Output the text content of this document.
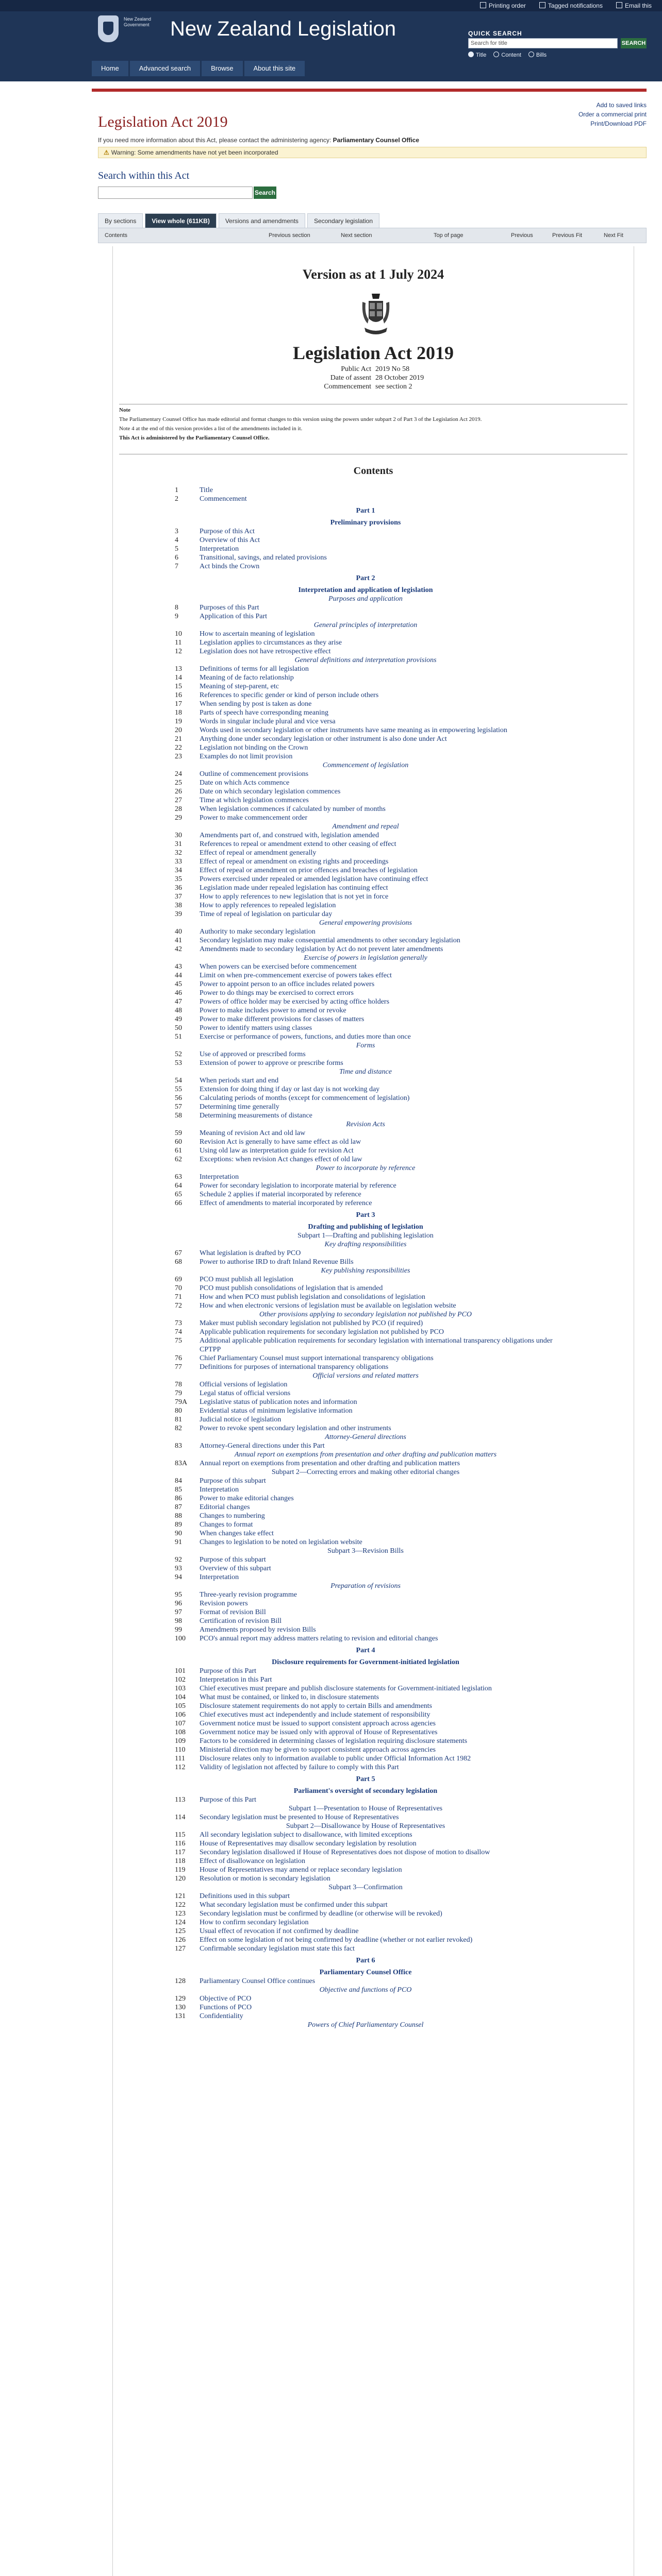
Printing order	Tagged notifications	Email this
New Zealand Government	New Zealand Legislation
Home	Advanced search	Browse	About this site
QUICK SEARCH
Search for title	SEARCH
Title	Content	Bills
Add to saved links
Order a commercial print
Print/Download PDF
Legislation Act 2019
If you need more information about this Act, please contact the administering agency: Parliamentary Counsel Office
⚠ Warning: Some amendments have not yet been incorporated
Search within this Act
Search
By sections	View whole (611KB)	Versions and amendments	Secondary legislation
Contents	Previous section	Next section	Top of page	Previous	Previous Fit	Next Fit
Version as at 1 July 2024
Legislation Act 2019
Public Act 2019 No 58
Date of assent 28 October 2019
Commencement see section 2

Note

The Parliamentary Counsel Office has made editorial and format changes to this version using the powers under subpart 2 of Part 3 of the Legislation Act 2019.

Note 4 at the end of this version provides a list of the amendments included in it.

This Act is administered by the Parliamentary Counsel Office.

Contents
1	Title
2	Commencement
Part 1
Preliminary provisions
3	Purpose of this Act
4	Overview of this Act
5	Interpretation
6	Transitional, savings, and related provisions
7	Act binds the Crown
Part 2
Interpretation and application of legislation
Purposes and application
8	Purposes of this Part
9	Application of this Part
General principles of interpretation
10	How to ascertain meaning of legislation
11	Legislation applies to circumstances as they arise
12	Legislation does not have retrospective effect
General definitions and interpretation provisions
13	Definitions of terms for all legislation
14	Meaning of de facto relationship
15	Meaning of step-parent, etc
16	References to specific gender or kind of person include others
17	When sending by post is taken as done
18	Parts of speech have corresponding meaning
19	Words in singular include plural and vice versa
20	Words used in secondary legislation or other instruments have same meaning as in empowering legislation
21	Anything done under secondary legislation or other instrument is also done under Act
22	Legislation not binding on the Crown
23	Examples do not limit provision
Commencement of legislation
24	Outline of commencement provisions
25	Date on which Acts commence
26	Date on which secondary legislation commences
27	Time at which legislation commences
28	When legislation commences if calculated by number of months
29	Power to make commencement order
Amendment and repeal
30	Amendments part of, and construed with, legislation amended
31	References to repeal or amendment extend to other ceasing of effect
32	Effect of repeal or amendment generally
33	Effect of repeal or amendment on existing rights and proceedings
34	Effect of repeal or amendment on prior offences and breaches of legislation
35	Powers exercised under repealed or amended legislation have continuing effect
36	Legislation made under repealed legislation has continuing effect
37	How to apply references to new legislation that is not yet in force
38	How to apply references to repealed legislation
39	Time of repeal of legislation on particular day
General empowering provisions
40	Authority to make secondary legislation
41	Secondary legislation may make consequential amendments to other secondary legislation
42	Amendments made to secondary legislation by Act do not prevent later amendments
Exercise of powers in legislation generally
43	When powers can be exercised before commencement
44	Limit on when pre-commencement exercise of powers takes effect
45	Power to appoint person to an office includes related powers
46	Power to do things may be exercised to correct errors
47	Powers of office holder may be exercised by acting office holders
48	Power to make includes power to amend or revoke
49	Power to make different provisions for classes of matters
50	Power to identify matters using classes
51	Exercise or performance of powers, functions, and duties more than once
Forms
52	Use of approved or prescribed forms
53	Extension of power to approve or prescribe forms
Time and distance
54	When periods start and end
55	Extension for doing thing if day or last day is not working day
56	Calculating periods of months (except for commencement of legislation)
57	Determining time generally
58	Determining measurements of distance
Revision Acts
59	Meaning of revision Act and old law
60	Revision Act is generally to have same effect as old law
61	Using old law as interpretation guide for revision Act
62	Exceptions: when revision Act changes effect of old law
Power to incorporate by reference
63	Interpretation
64	Power for secondary legislation to incorporate material by reference
65	Schedule 2 applies if material incorporated by reference
66	Effect of amendments to material incorporated by reference
Part 3
Drafting and publishing of legislation
Subpart 1—Drafting and publishing legislation
Key drafting responsibilities
67	What legislation is drafted by PCO
68	Power to authorise IRD to draft Inland Revenue Bills
Key publishing responsibilities
69	PCO must publish all legislation
70	PCO must publish consolidations of legislation that is amended
71	How and when PCO must publish legislation and consolidations of legislation
72	How and when electronic versions of legislation must be available on legislation website
Other provisions applying to secondary legislation not published by PCO
73	Maker must publish secondary legislation not published by PCO (if required)
74	Applicable publication requirements for secondary legislation not published by PCO
75	Additional applicable publication requirements for secondary legislation with international transparency obligations under CPTPP
76	Chief Parliamentary Counsel must support international transparency obligations
77	Definitions for purposes of international transparency obligations
Official versions and related matters
78	Official versions of legislation
79	Legal status of official versions
79A	Legislative status of publication notes and information
80	Evidential status of minimum legislative information
81	Judicial notice of legislation
82	Power to revoke spent secondary legislation and other instruments
Attorney-General directions
83	Attorney-General directions under this Part
Annual report on exemptions from presentation and other drafting and publication matters
83A	Annual report on exemptions from presentation and other drafting and publication matters
Subpart 2—Correcting errors and making other editorial changes
84	Purpose of this subpart
85	Interpretation
86	Power to make editorial changes
87	Editorial changes
88	Changes to numbering
89	Changes to format
90	When changes take effect
91	Changes to legislation to be noted on legislation website
Subpart 3—Revision Bills
92	Purpose of this subpart
93	Overview of this subpart
94	Interpretation
Preparation of revisions
95	Three-yearly revision programme
96	Revision powers
97	Format of revision Bill
98	Certification of revision Bill
99	Amendments proposed by revision Bills
100	PCO's annual report may address matters relating to revision and editorial changes
Part 4
Disclosure requirements for Government-initiated legislation
101	Purpose of this Part
102	Interpretation in this Part
103	Chief executives must prepare and publish disclosure statements for Government-initiated legislation
104	What must be contained, or linked to, in disclosure statements
105	Disclosure statement requirements do not apply to certain Bills and amendments
106	Chief executives must act independently and include statement of responsibility
107	Government notice must be issued to support consistent approach across agencies
108	Government notice may be issued only with approval of House of Representatives
109	Factors to be considered in determining classes of legislation requiring disclosure statements
110	Ministerial direction may be given to support consistent approach across agencies
111	Disclosure relates only to information available to public under Official Information Act 1982
112	Validity of legislation not affected by failure to comply with this Part
Part 5
Parliament's oversight of secondary legislation
113	Purpose of this Part
Subpart 1—Presentation to House of Representatives
114	Secondary legislation must be presented to House of Representatives
Subpart 2—Disallowance by House of Representatives
115	All secondary legislation subject to disallowance, with limited exceptions
116	House of Representatives may disallow secondary legislation by resolution
117	Secondary legislation disallowed if House of Representatives does not dispose of motion to disallow
118	Effect of disallowance on legislation
119	House of Representatives may amend or replace secondary legislation
120	Resolution or motion is secondary legislation
Subpart 3—Confirmation
121	Definitions used in this subpart
122	What secondary legislation must be confirmed under this subpart
123	Secondary legislation must be confirmed by deadline (or otherwise will be revoked)
124	How to confirm secondary legislation
125	Usual effect of revocation if not confirmed by deadline
126	Effect on some legislation of not being confirmed by deadline (whether or not earlier revoked)
127	Confirmable secondary legislation must state this fact
Part 6
Parliamentary Counsel Office
128	Parliamentary Counsel Office continues
Objective and functions of PCO
129	Objective of PCO
130	Functions of PCO
131	Confidentiality
Powers of Chief Parliamentary Counsel
